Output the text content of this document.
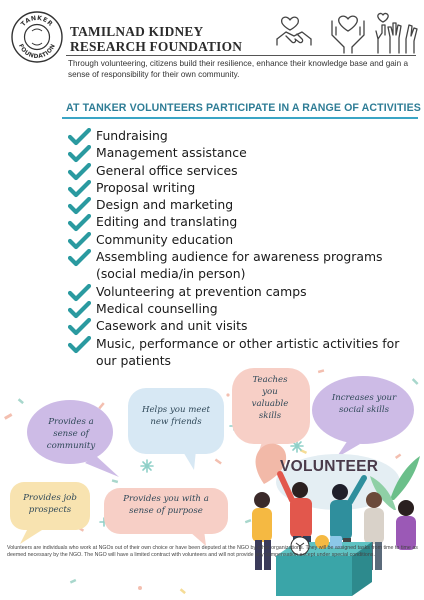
TANKER
FOUNDATION
TAMILNAD KIDNEY
RESEARCH FOUNDATION

Through volunteering, citizens build their resilience, enhance their knowledge base and gain a sense of responsibility for their own community.

AT TANKER VOLUNTEERS PARTICIPATE IN A RANGE OF ACTIVITIES
Fundraising
Management assistance
General office services
Proposal writing
Design and marketing
Editing and translating
Community education
Assembling audience for awareness programs (social media/in person)
Volunteering at prevention camps
Medical counselling
Casework and unit visits
Music, performance or other artistic activities for our patients
Provides a sense of community
Helps you meet new friends
Teaches you valuable skills
Increases your social skills
Provides job prospects
Provides you with a sense of purpose
VOLUNTEER

Volunteers are individuals who work at NGOs out of their own choice or have been deputed at the NGO by other organizations. They will be assigned tasks from time to time as deemed necessary by the NGO. The NGO will have a limited contract with volunteers and will not provide any compensation except under special conditions.
